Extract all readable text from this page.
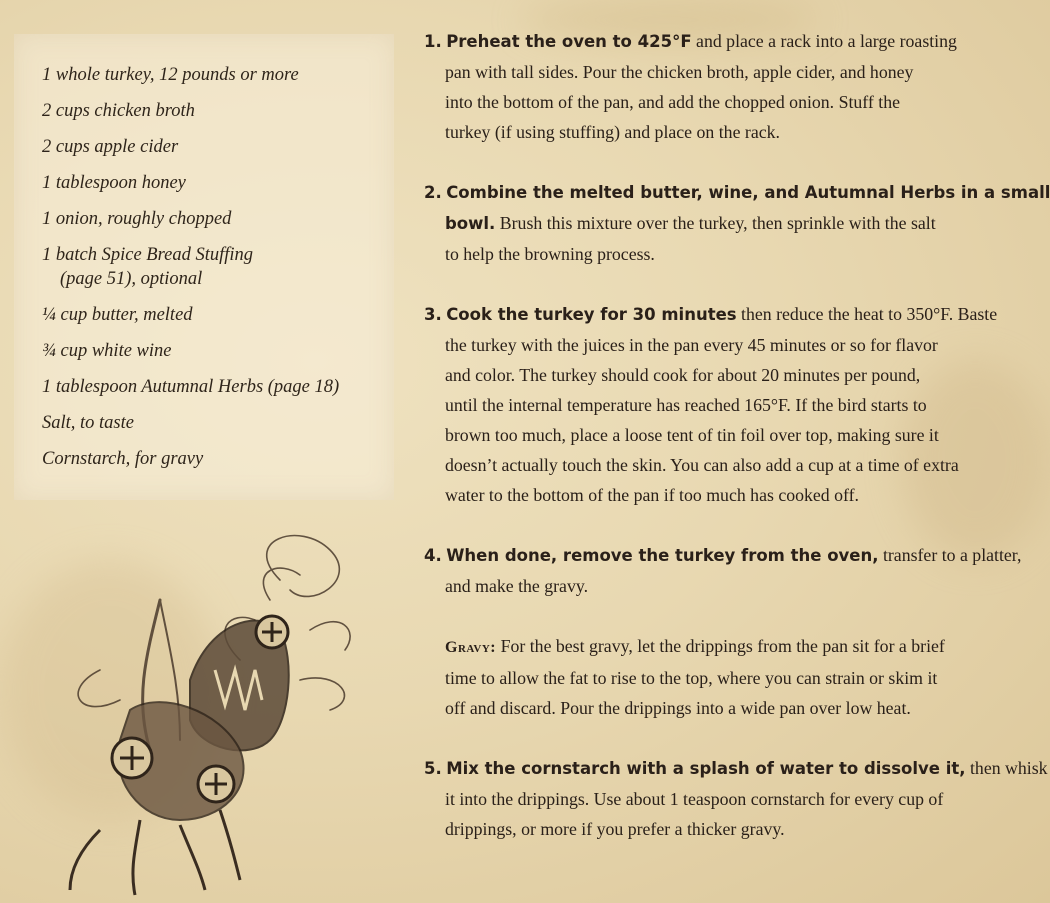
1 whole turkey, 12 pounds or more
2 cups chicken broth
2 cups apple cider
1 tablespoon honey
1 onion, roughly chopped
1 batch Spice Bread Stuffing
(page 51), optional
¼ cup butter, melted
¾ cup white wine
1 tablespoon Autumnal Herbs (page 18)
Salt, to taste
Cornstarch, for gravy
1. Preheat the oven to 425°F and place a rack into a large roasting
pan with tall sides. Pour the chicken broth, apple cider, and honey
into the bottom of the pan, and add the chopped onion. Stuff the
turkey (if using stuffing) and place on the rack.
2. Combine the melted butter, wine, and Autumnal Herbs in a small
bowl. Brush this mixture over the turkey, then sprinkle with the salt
to help the browning process.
3. Cook the turkey for 30 minutes then reduce the heat to 350°F. Baste
the turkey with the juices in the pan every 45 minutes or so for flavor
and color. The turkey should cook for about 20 minutes per pound,
until the internal temperature has reached 165°F. If the bird starts to
brown too much, place a loose tent of tin foil over top, making sure it
doesn’t actually touch the skin. You can also add a cup at a time of extra
water to the bottom of the pan if too much has cooked off.
4. When done, remove the turkey from the oven, transfer to a platter,
and make the gravy.
Gravy: For the best gravy, let the drippings from the pan sit for a brief
time to allow the fat to rise to the top, where you can strain or skim it
off and discard. Pour the drippings into a wide pan over low heat.
5. Mix the cornstarch with a splash of water to dissolve it, then whisk
it into the drippings. Use about 1 teaspoon cornstarch for every cup of
drippings, or more if you prefer a thicker gravy.
